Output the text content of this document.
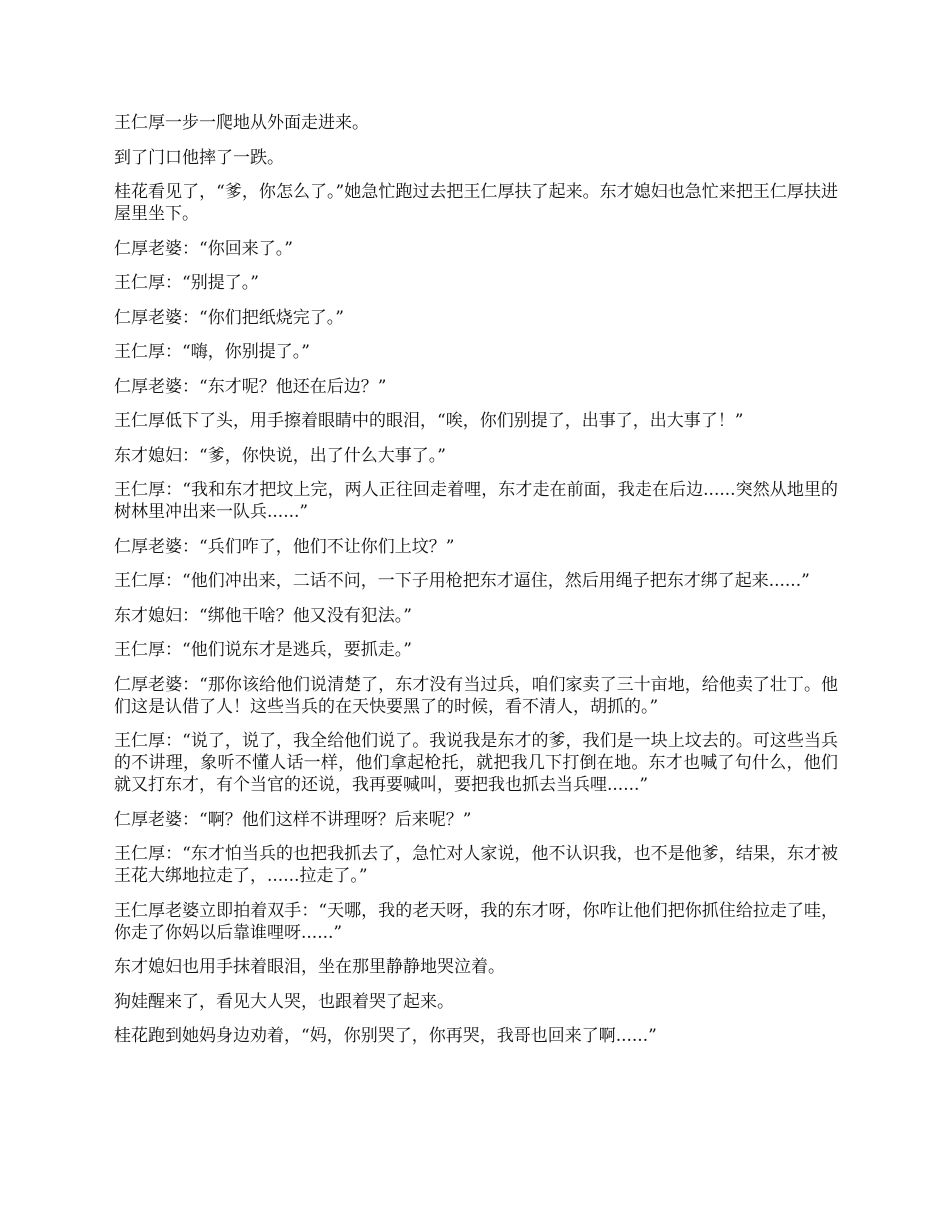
王仁厚一步一爬地从外面走进来。

到了门口他摔了一跌。

桂花看见了，“爹，你怎么了。”她急忙跑过去把王仁厚扶了起来。东才媳妇也急忙来把王仁厚扶进屋里坐下。

仁厚老婆：“你回来了。”

王仁厚：“别提了。”

仁厚老婆：“你们把纸烧完了。”

王仁厚：“嗨，你别提了。”

仁厚老婆：“东才呢？他还在后边？”

王仁厚低下了头，用手擦着眼睛中的眼泪，“唉，你们别提了，出事了，出大事了！”

东才媳妇：“爹，你快说，出了什么大事了。”

王仁厚：“我和东才把坟上完，两人正往回走着哩，东才走在前面，我走在后边......突然从地里的树林里冲出来一队兵......”

仁厚老婆：“兵们咋了，他们不让你们上坟？”

王仁厚：“他们冲出来，二话不问，一下子用枪把东才逼住，然后用绳子把东才绑了起来......”

东才媳妇：“绑他干啥？他又没有犯法。”

王仁厚：“他们说东才是逃兵，要抓走。”

仁厚老婆：“那你该给他们说清楚了，东才没有当过兵，咱们家卖了三十亩地，给他卖了壮丁。他们这是认借了人！这些当兵的在天快要黑了的时候，看不清人，胡抓的。”

王仁厚：“说了，说了，我全给他们说了。我说我是东才的爹，我们是一块上坟去的。可这些当兵的不讲理，象听不懂人话一样，他们拿起枪托，就把我几下打倒在地。东才也喊了句什么，他们就又打东才，有个当官的还说，我再要喊叫，要把我也抓去当兵哩......”

仁厚老婆：“啊？他们这样不讲理呀？后来呢？”

王仁厚：“东才怕当兵的也把我抓去了，急忙对人家说，他不认识我，也不是他爹，结果，东才被王花大绑地拉走了，......拉走了。”

王仁厚老婆立即拍着双手：“天哪，我的老天呀，我的东才呀，你咋让他们把你抓住给拉走了哇，你走了你妈以后靠谁哩呀......”

东才媳妇也用手抹着眼泪，坐在那里静静地哭泣着。

狗娃醒来了，看见大人哭，也跟着哭了起来。

桂花跑到她妈身边劝着，“妈，你别哭了，你再哭，我哥也回来了啊......”
